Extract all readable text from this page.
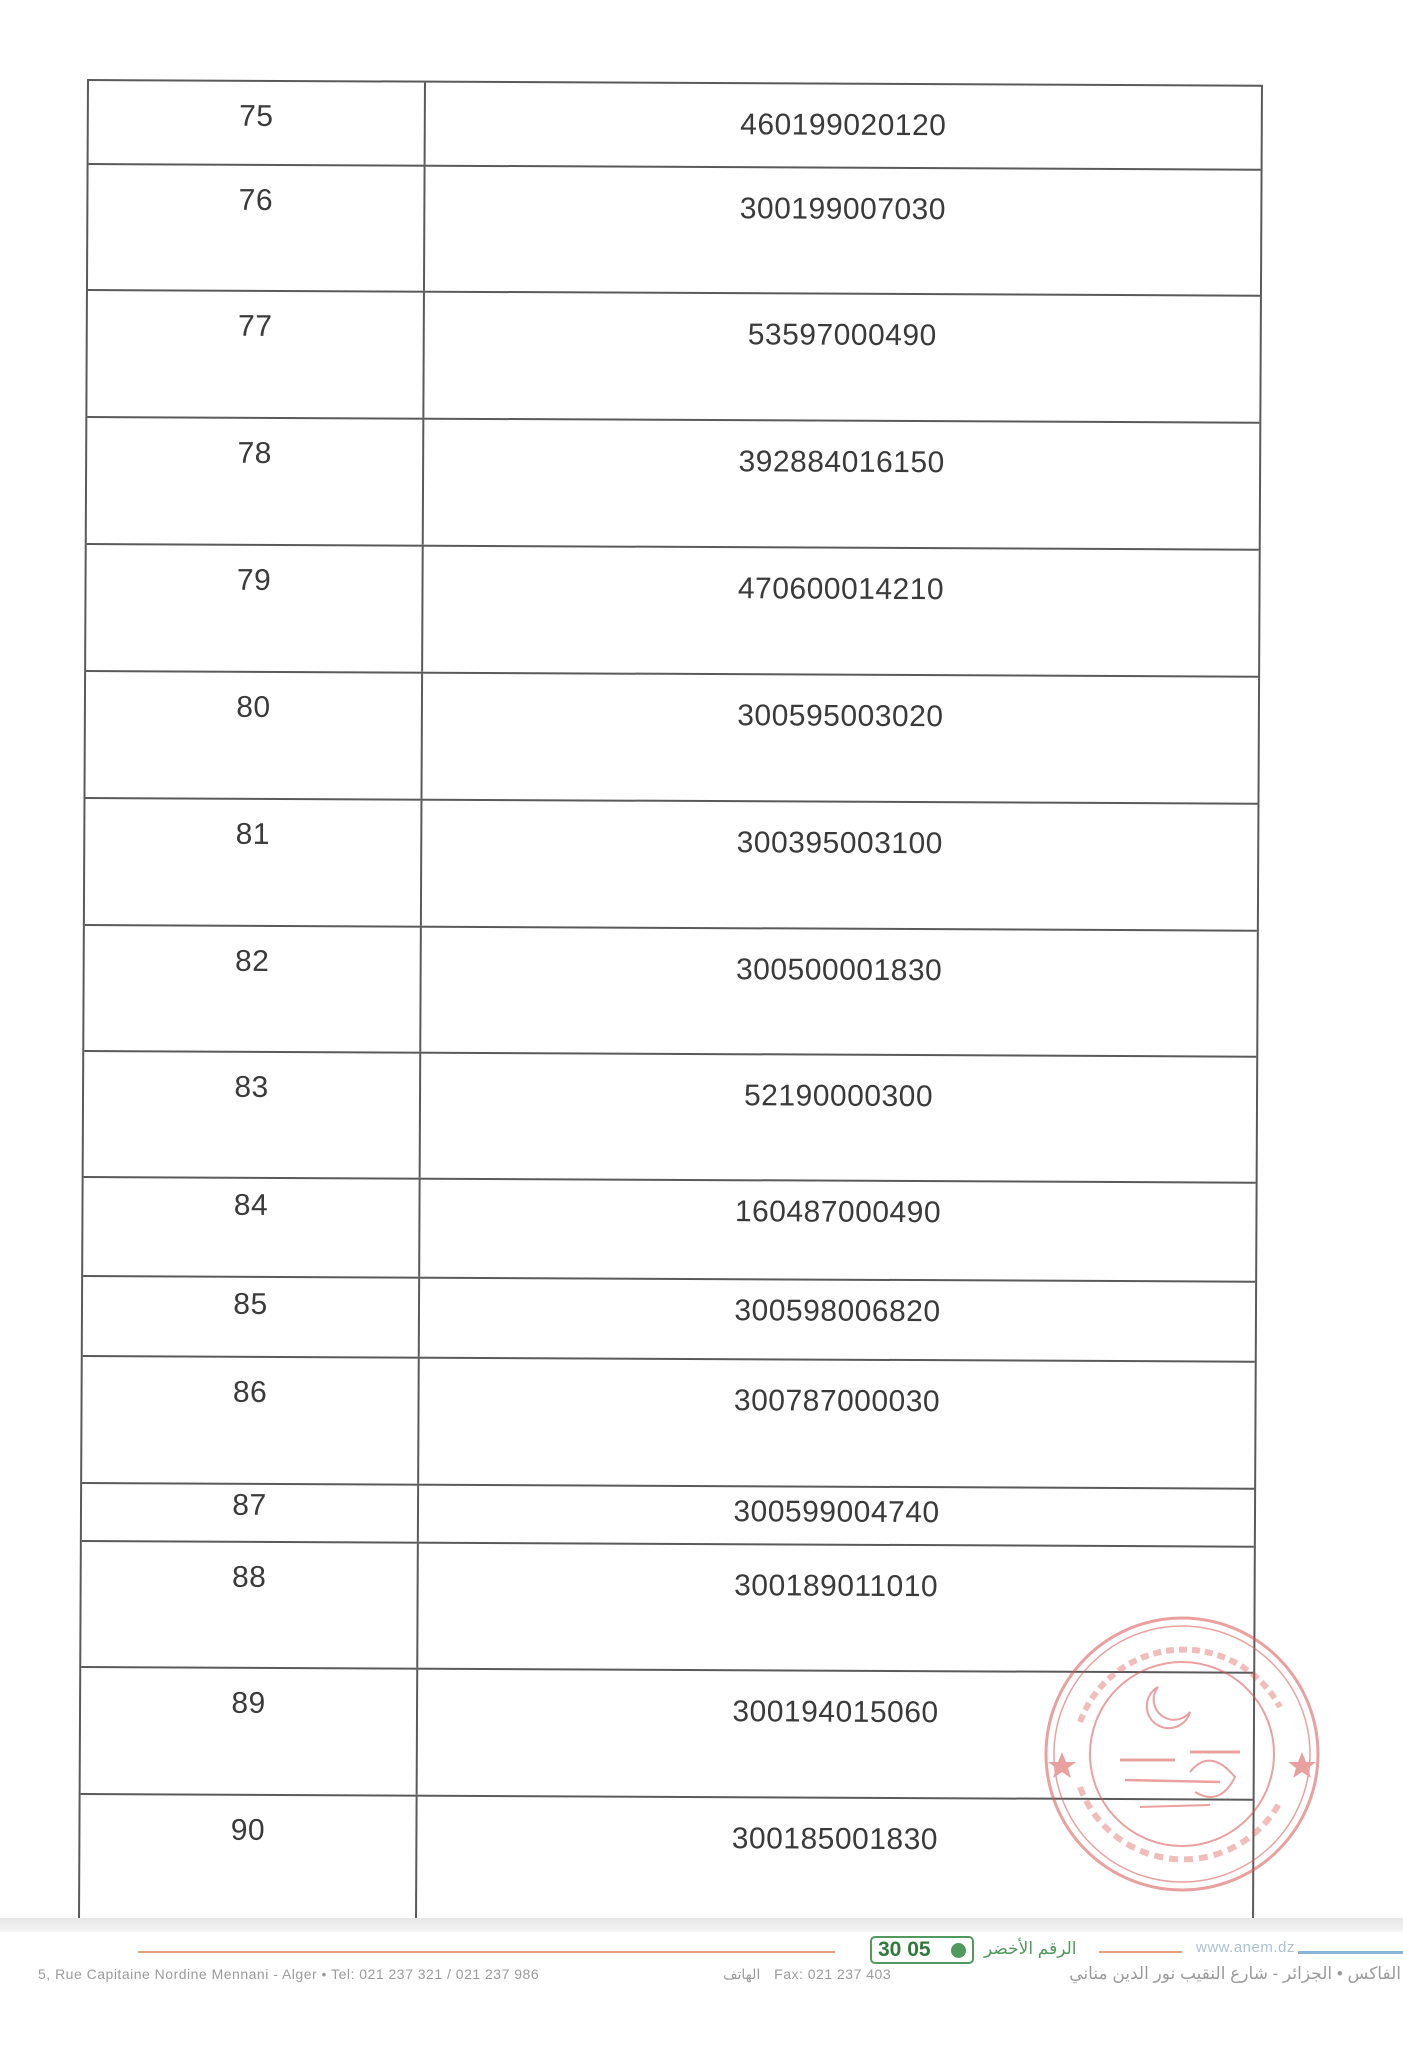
75	460199020120
76	300199007030
77	53597000490
78	392884016150
79	470600014210
80	300595003020
81	300395003100
82	300500001830
83	52190000300
84	160487000490
85	300598006820
86	300787000030
87	300599004740
88	300189011010
89	300194015060
90	300185001830
30 05	الرقم الأخضر	www.anem.dz
5, Rue Capitaine Nordine Mennani - Alger • Tel: 021 237 321 / 021 237 986	الهاتف Fax: 021 237 403	الفاكس • الجزائر - شارع النقيب نور الدين مناني
